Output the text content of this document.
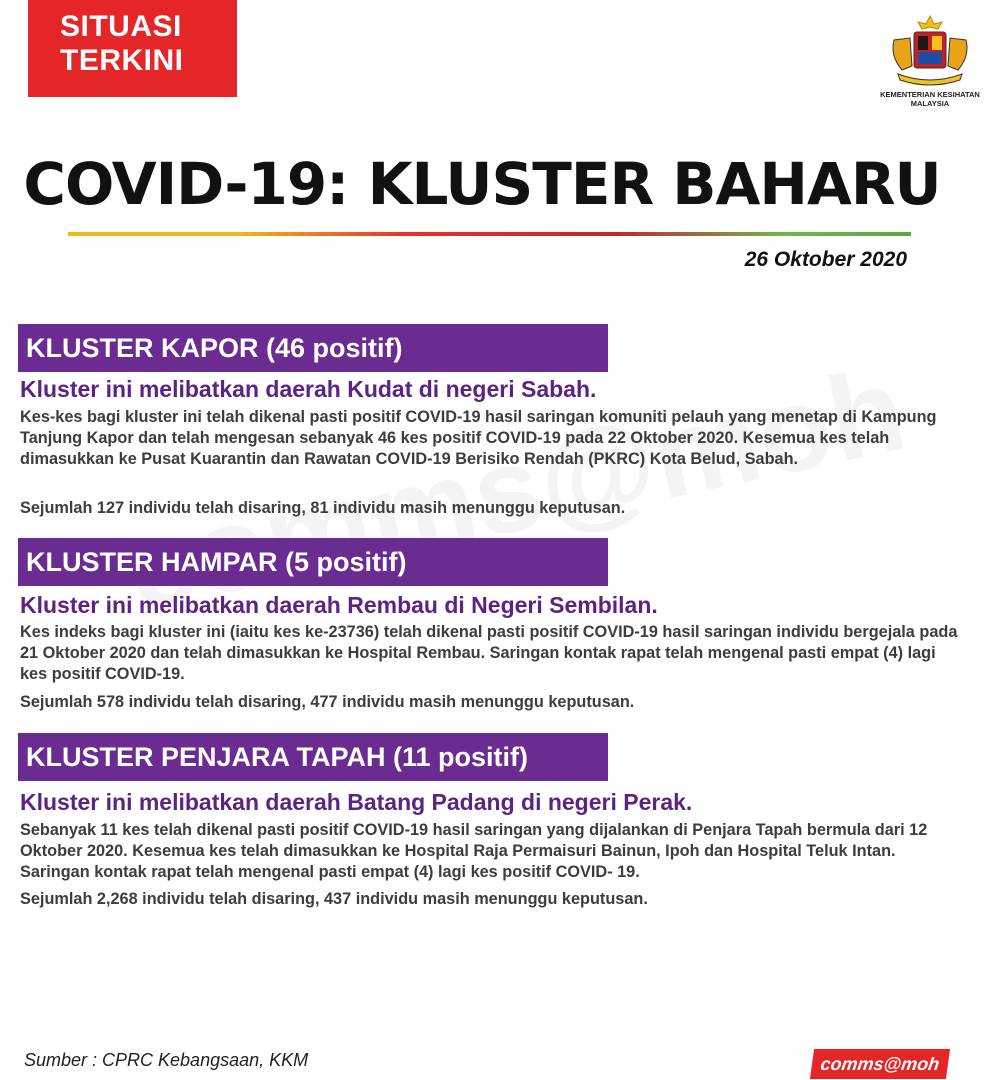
SITUASI
TERKINI
KEMENTERIAN KESIHATAN MALAYSIA
COVID-19: KLUSTER BAHARU
26 Oktober 2020
KLUSTER KAPOR (46 positif)
Kluster ini melibatkan daerah Kudat di negeri Sabah.
Kes-kes bagi kluster ini telah dikenal pasti positif COVID-19 hasil saringan komuniti pelauh yang menetap di Kampung Tanjung Kapor dan telah mengesan sebanyak 46 kes positif COVID-19 pada 22 Oktober 2020. Kesemua kes telah dimasukkan ke Pusat Kuarantin dan Rawatan COVID-19 Berisiko Rendah (PKRC) Kota Belud, Sabah.
Sejumlah 127 individu telah disaring, 81 individu masih menunggu keputusan.
KLUSTER HAMPAR (5 positif)
Kluster ini melibatkan daerah Rembau di Negeri Sembilan.
Kes indeks bagi kluster ini (iaitu kes ke-23736) telah dikenal pasti positif COVID-19 hasil saringan individu bergejala pada 21 Oktober 2020 dan telah dimasukkan ke Hospital Rembau. Saringan kontak rapat telah mengenal pasti empat (4) lagi kes positif COVID-19.
Sejumlah 578 individu telah disaring, 477 individu masih menunggu keputusan.
KLUSTER PENJARA TAPAH (11 positif)
Kluster ini melibatkan daerah Batang Padang di negeri Perak.
Sebanyak 11 kes telah dikenal pasti positif COVID-19 hasil saringan yang dijalankan di Penjara Tapah bermula dari 12 Oktober 2020. Kesemua kes telah dimasukkan ke Hospital Raja Permaisuri Bainun, Ipoh dan Hospital Teluk Intan. Saringan kontak rapat telah mengenal pasti empat (4) lagi kes positif COVID- 19.
Sejumlah 2,268 individu telah disaring, 437 individu masih menunggu keputusan.
Sumber : CPRC Kebangsaan, KKM	comms@moh
